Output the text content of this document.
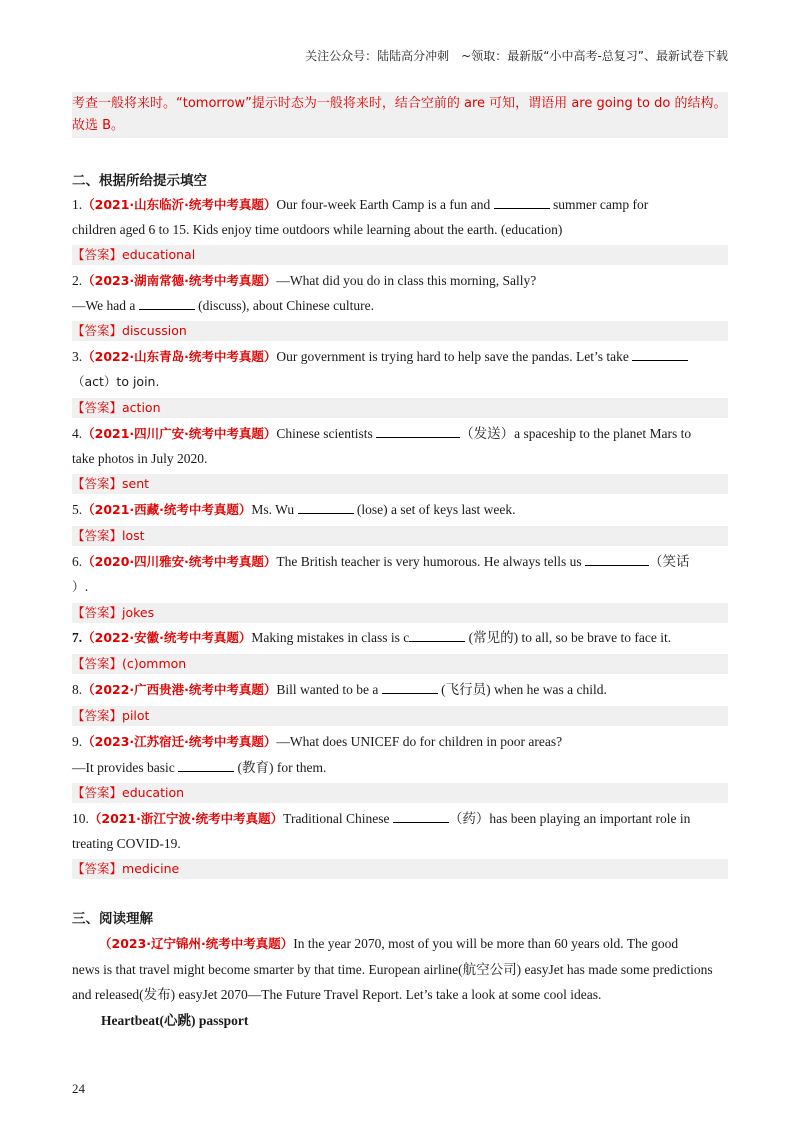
关注公众号：陆陆高分冲刺　~领取：最新版“小中高考-总复习”、最新试卷下载
考查一般将来时。“tomorrow”提示时态为一般将来时，结合空前的 are 可知，谓语用 are going to do 的结构。
故选 B。
二、根据所给提示填空
1.（2021·山东临沂·统考中考真题）Our four-week Earth Camp is a fun and	summer camp for
children aged 6 to 15. Kids enjoy time outdoors while learning about the earth. (education)
【答案】educational
2.（2023·湖南常德·统考中考真题）—What did you do in class this morning, Sally?
—We had a	(discuss), about Chinese culture.
【答案】discussion
3.（2022·山东青岛·统考中考真题）Our government is trying hard to help save the pandas. Let’s take
（act）to join.
【答案】action
4.（2021·四川广安·统考中考真题）Chinese scientists	（发送）a spaceship to the planet Mars to
take photos in July 2020.
【答案】sent
5.（2021·西藏·统考中考真题）Ms. Wu	(lose) a set of keys last week.
【答案】lost
6.（2020·四川雅安·统考中考真题）The British teacher is very humorous. He always tells us	（笑话
）.
【答案】jokes
7.（2022·安徽·统考中考真题）Making mistakes in class is c	(常见的) to all, so be brave to face it.
【答案】(c)ommon
8.（2022·广西贵港·统考中考真题）Bill wanted to be a	(飞行员) when he was a child.
【答案】pilot
9.（2023·江苏宿迁·统考中考真题）—What does UNICEF do for children in poor areas?
—It provides basic	(教育) for them.
【答案】education
10.（2021·浙江宁波·统考中考真题）Traditional Chinese	（药）has been playing an important role in
treating COVID-19.
【答案】medicine
三、阅读理解
（2023·辽宁锦州·统考中考真题）In the year 2070, most of you will be more than 60 years old. The good
news is that travel might become smarter by that time. European airline(航空公司) easyJet has made some predictions
and released(发布) easyJet 2070—The Future Travel Report. Let’s take a look at some cool ideas.
Heartbeat(心跳) passport
24
